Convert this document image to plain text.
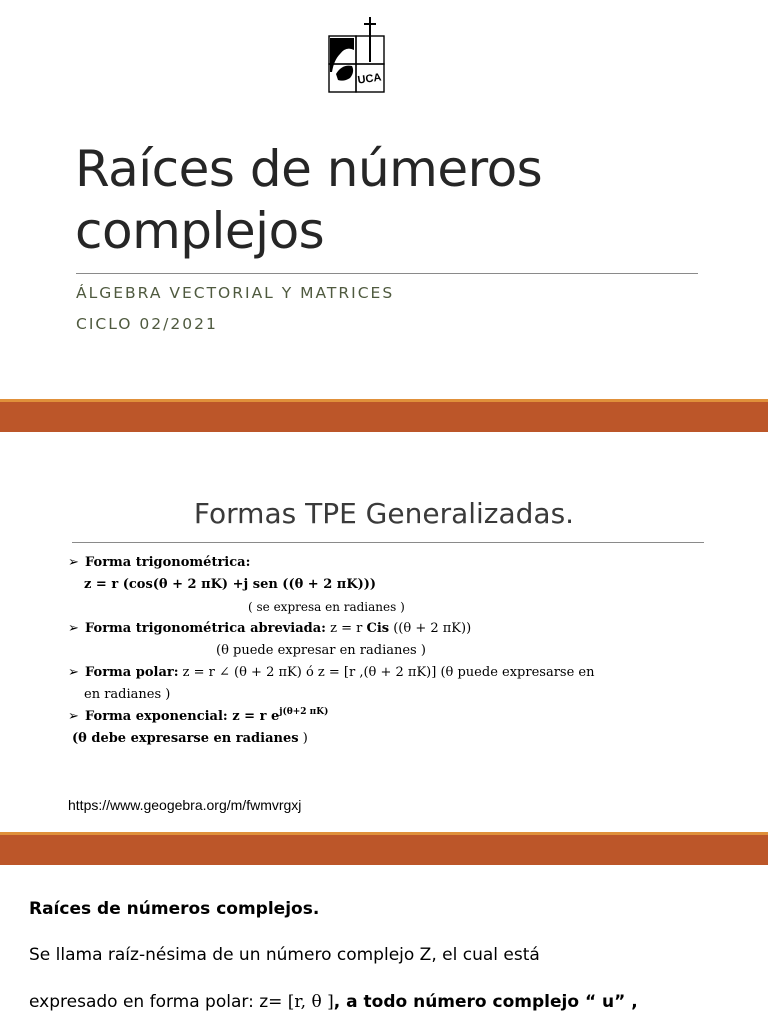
UCA
Raíces de números complejos
ÁLGEBRA VECTORIAL Y MATRICES
CICLO 02/2021
Formas TPE Generalizadas.
➢ Forma trigonométrica:
z = r (cos(θ + 2 πK) +j sen ((θ + 2 πK)))
( se expresa en radianes )
➢ Forma trigonométrica abreviada: z = r Cis ((θ + 2 πK))
(θ puede expresar en radianes )
➢ Forma polar: z = r ∠ (θ + 2 πK) ó z = [r ,(θ + 2 πK)] (θ puede expresarse en
en radianes )
➢ Forma exponencial: z = r $e^{j(\theta+2 \pi K)}$
(θ debe expresarse en radianes )
https://www.geogebra.org/m/fwmvrgxj
Raíces de números complejos.
Se llama raíz-nésima de un número complejo Z, el cual está
expresado en forma polar: z= [r, θ ], a todo número complejo “ u” ,
